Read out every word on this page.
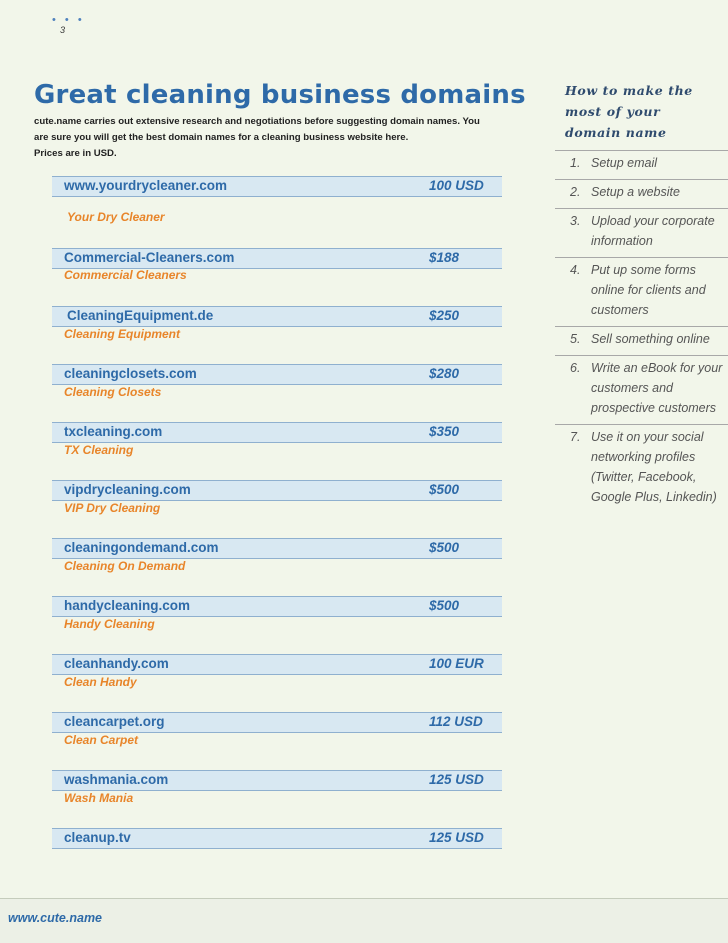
• • •
3
Great cleaning business domains
cute.name carries out extensive research and negotiations before suggesting domain names. You
are sure you will get the best domain names for a cleaning business website here.
Prices are in USD.
www.yourdrycleaner.com	100 USD
Your Dry Cleaner
Commercial-Cleaners.com	$188
Commercial Cleaners
CleaningEquipment.de	$250
Cleaning Equipment
cleaningclosets.com	$280
Cleaning Closets
txcleaning.com	$350
TX Cleaning
vipdrycleaning.com	$500
VIP Dry Cleaning
cleaningondemand.com	$500
Cleaning On Demand
handycleaning.com	$500
Handy Cleaning
cleanhandy.com	100 EUR
Clean Handy
cleancarpet.org	112 USD
Clean Carpet
washmania.com	125 USD
Wash Mania
cleanup.tv	125 USD
How to make the
most of your
domain name
1. Setup email
2. Setup a website
3. Upload your corporate information
4. Put up some forms online for clients and customers
5. Sell something online
6. Write an eBook for your customers and prospective customers
7. Use it on your social networking profiles (Twitter, Facebook, Google Plus, Linkedin)
www.cute.name
